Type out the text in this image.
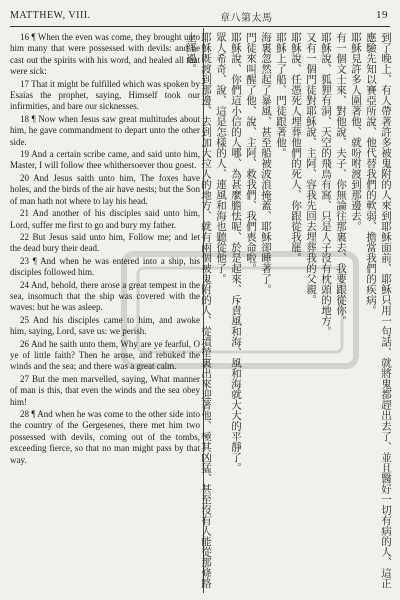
MATTHEW, VIII.	章八第太馬	19

16 ¶ When the even was come, they brought unto him many that were possessed with devils: and he cast out the spirits with his word, and healed all that were sick:

17 That it might be fulfilled which was spoken by Esaias the prophet, saying, Himself took our infirmities, and bare our sicknesses.

18 ¶ Now when Jesus saw great multitudes about him, he gave commandment to depart unto the other side.

19 And a certain scribe came, and said unto him, Master, I will follow thee whithersoever thou goest.

20 And Jesus saith unto him, The foxes have holes, and the birds of the air have nests; but the Son of man hath not where to lay his head.

21 And another of his disciples said unto him, Lord, suffer me first to go and bury my father.

22 But Jesus said unto him, Follow me; and let the dead bury their dead.

23 ¶ And when he was entered into a ship, his disciples followed him.

24 And, behold, there arose a great tempest in the sea, insomuch that the ship was covered with the waves: but he was asleep.

25 And his disciples came to him, and awoke him, saying, Lord, save us: we perish.

26 And he saith unto them, Why are ye fearful, O ye of little faith? Then he arose, and rebuked the winds and the sea; and there was a great calm.

27 But the men marvelled, saying, What manner of man is this, that even the winds and the sea obey him!

28 ¶ And when he was come to the other side into the country of the Gergesenes, there met him two possessed with devils, coming out of the tombs, exceeding fierce, so that no man might pass by that way.	到了晚上、有人帶著許多被鬼附的人來到耶穌面前、耶穌只用一句話、就將鬼都趕出去了、並且醫好一切有病的人、這正應驗先知以賽亞所說、他代替我們的軟弱、擔當我們的疾病。

耶穌見許多人圍著他、就吩咐渡到那邊去。

有一個文士來、對他說、夫子、你無論往那裏去、我要跟從你。

耶穌說、狐狸有洞、天空的飛鳥有窩、只是人子沒有枕頭的地方。

又有一個門徒對耶穌說、主阿、容我先回去埋葬我的父親。

耶穌說、任憑死人埋葬他們的死人、你跟從我罷。

耶穌上了船、門徒跟著他。

海裏忽然起了暴風、甚至船被波浪掩蓋、耶穌卻睡著了。

門徒來叫醒了他、說、主阿、救我們、我們喪命啦。

耶穌說、你們這小信的人哪、為甚麼膽怯呢、於是起來、斥責風和海、風和海就大大的平靜了。

眾人希奇、說、這是怎樣的人、連風和海也聽從他了。

耶穌既渡到那邊、去到加大拉人的地方、就有兩個被鬼附的人、從墳塋裏出來迎著他、極其凶猛、甚至沒有人能從那條路上經過。
